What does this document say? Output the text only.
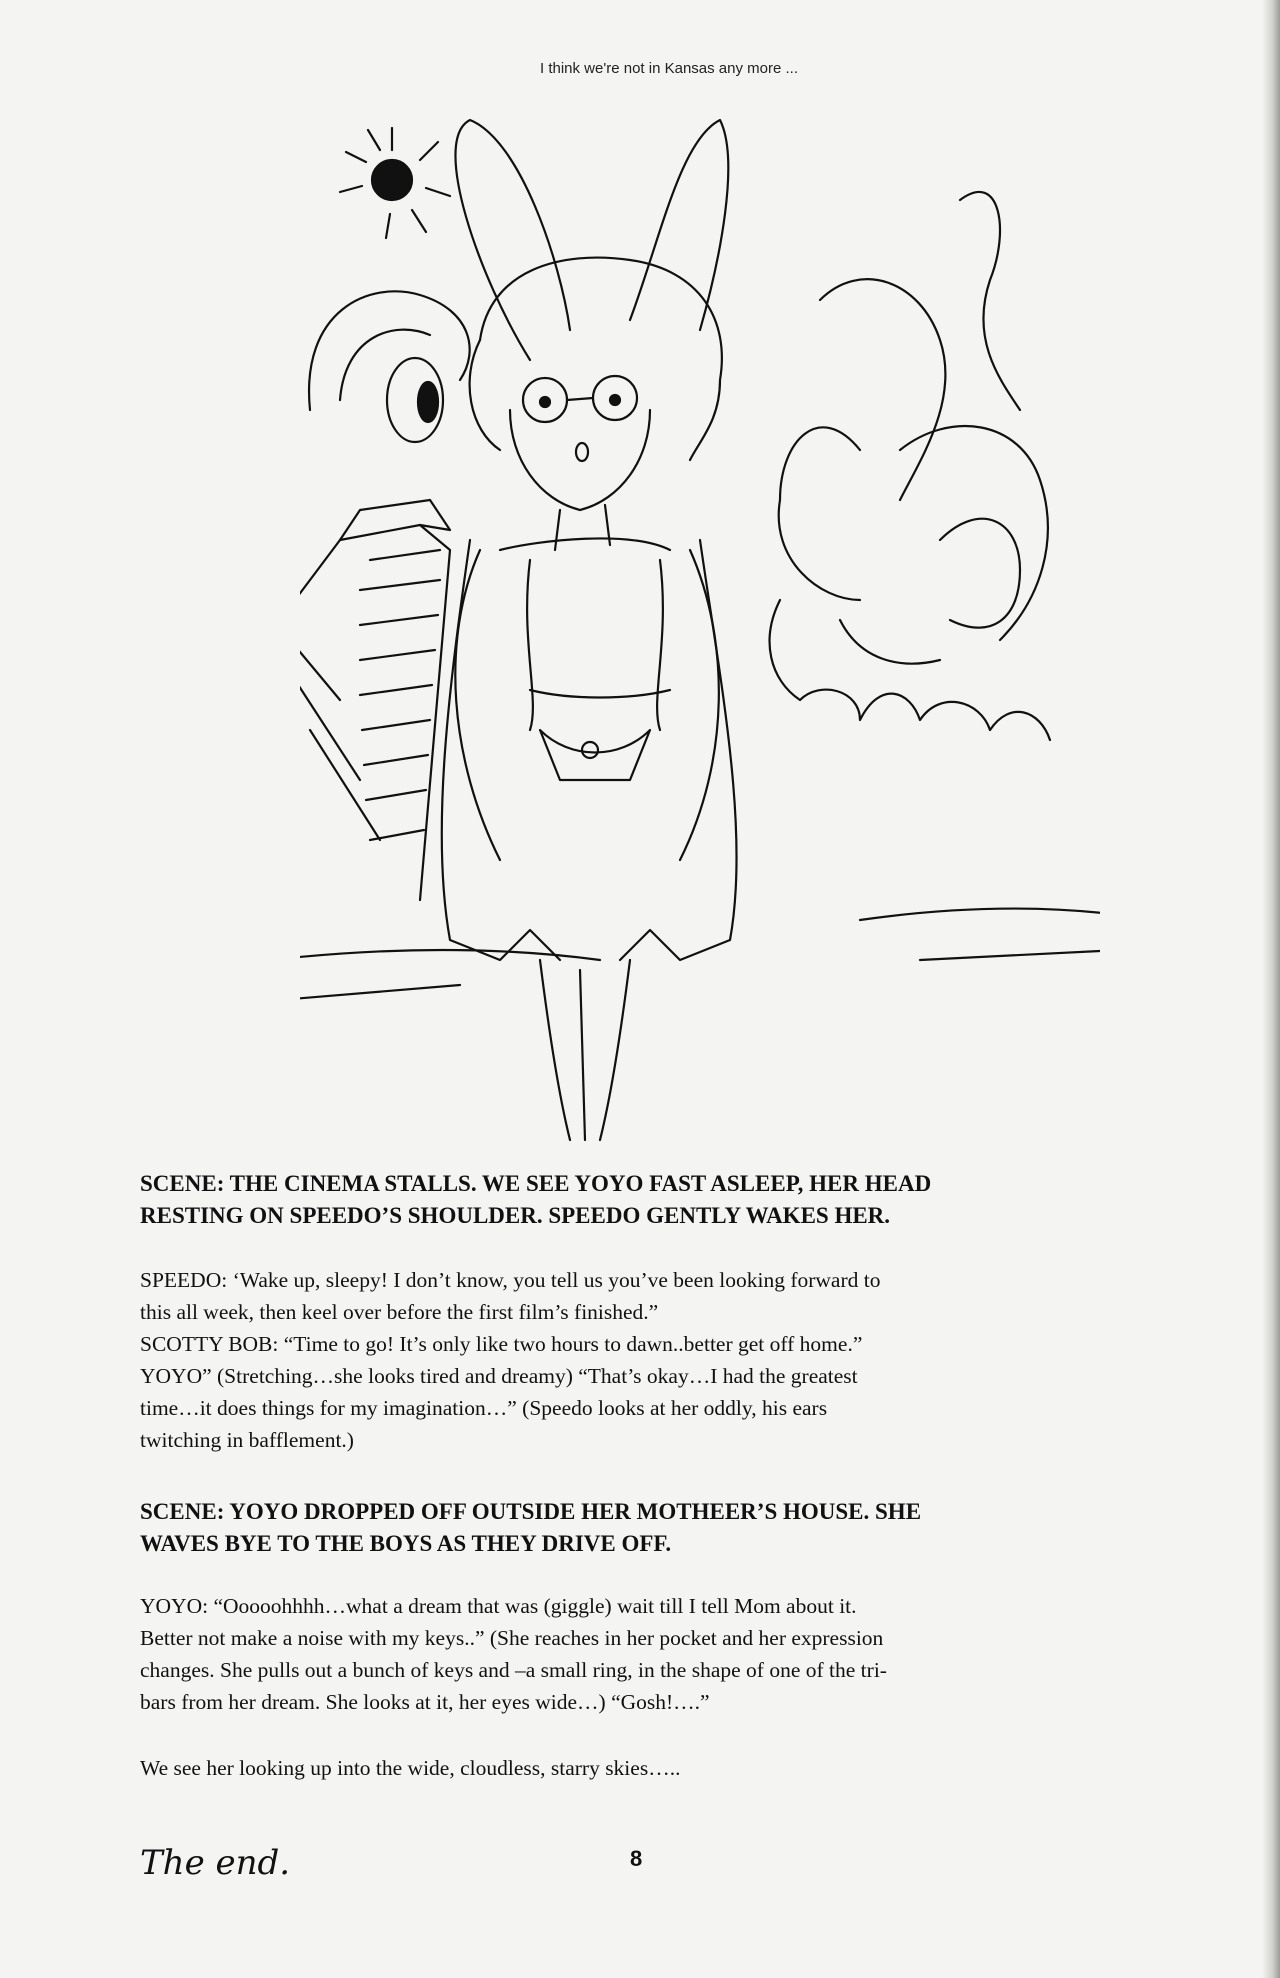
I think we're not in Kansas any more ...

SCENE: THE CINEMA STALLS. WE SEE YOYO FAST ASLEEP, HER HEAD

RESTING ON SPEEDO’S SHOULDER. SPEEDO GENTLY WAKES HER.

SPEEDO: ‘Wake up, sleepy! I don’t know, you tell us you’ve been looking forward to

this all week, then keel over before the first film’s finished.”

SCOTTY BOB: “Time to go! It’s only like two hours to dawn..better get off home.”

YOYO” (Stretching…she looks tired and dreamy) “That’s okay…I had the greatest

time…it does things for my imagination…” (Speedo looks at her oddly, his ears

twitching in bafflement.)

SCENE: YOYO DROPPED OFF OUTSIDE HER MOTHEER’S HOUSE. SHE

WAVES BYE TO THE BOYS AS THEY DRIVE OFF.

YOYO: “Ooooohhhh…what a dream that was (giggle) wait till I tell Mom about it.

Better not make a noise with my keys..” (She reaches in her pocket and her expression

changes. She pulls out a bunch of keys and –a small ring, in the shape of one of the tri-

bars from her dream. She looks at it, her eyes wide…) “Gosh!….”

We see her looking up into the wide, cloudless, starry skies…..

The end.	8
